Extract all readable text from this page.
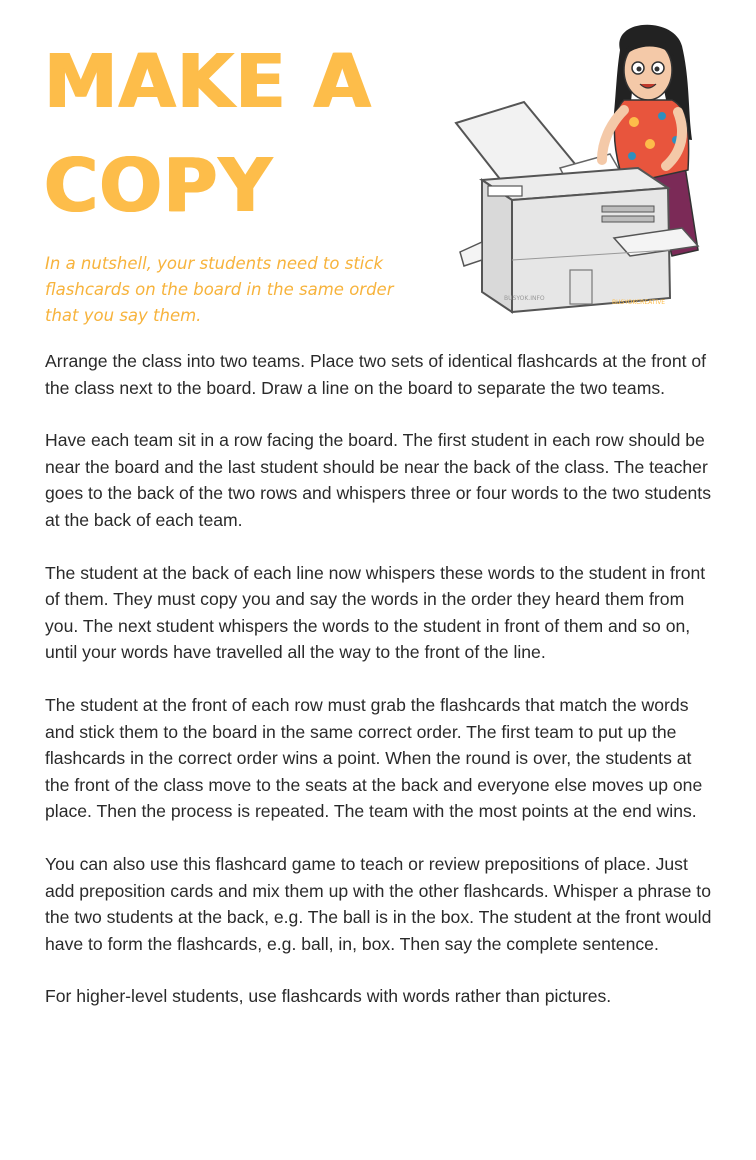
MAKE A
COPY

In a nutshell, your students need to stick flashcards on the board in the same order that you say them.

BUSYOK.INFO
BUSYOKCREATIVE

Arrange the class into two teams. Place two sets of identical flashcards at the front of the class next to the board. Draw a line on the board to separate the two teams.

Have each team sit in a row facing the board. The first student in each row should be near the board and the last student should be near the back of the class. The teacher goes to the back of the two rows and whispers three or four words to the two students at the back of each team.

The student at the back of each line now whispers these words to the student in front of them. They must copy you and say the words in the order they heard them from you. The next student whispers the words to the student in front of them and so on, until your words have travelled all the way to the front of the line.

The student at the front of each row must grab the flashcards that match the words and stick them to the board in the same correct order. The first team to put up the flashcards in the correct order wins a point. When the round is over, the students at the front of the class move to the seats at the back and everyone else moves up one place. Then the process is repeated. The team with the most points at the end wins.

You can also use this flashcard game to teach or review prepositions of place. Just add preposition cards and mix them up with the other flashcards. Whisper a phrase to the two students at the back, e.g. The ball is in the box. The student at the front would have to form the flashcards, e.g. ball, in, box. Then say the complete sentence.

For higher-level students, use flashcards with words rather than pictures.
